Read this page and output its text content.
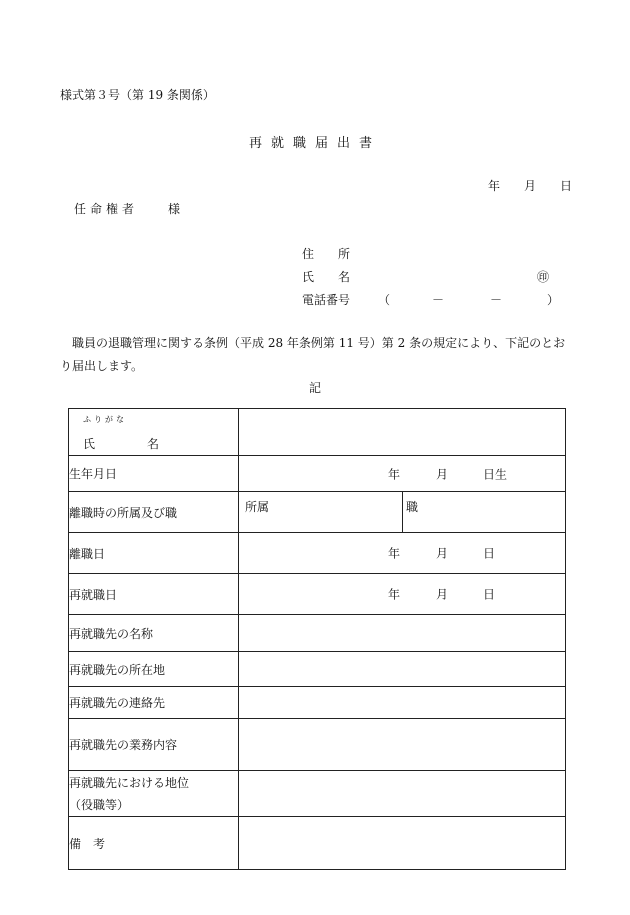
様式第３号（第 19 条関係）
再就職届出書
年 月 日
任命権者 様
住　　所
氏　　名	㊞
電話番号 （	－	－	）
職員の退職管理に関する条例（平成 28 年条例第 11 号）第 2 条の規定により、下記のとおり届出します。
記
ふりがな
氏　名	

生年月日	年 月 日生

離職時の所属及び職	所属 職

離職日	年 月 日

再就職日	年 月 日

再就職先の名称	
再就職先の所在地	
再就職先の連絡先	
再就職先の業務内容	

再就職先における地位
（役職等）	

備　考	
